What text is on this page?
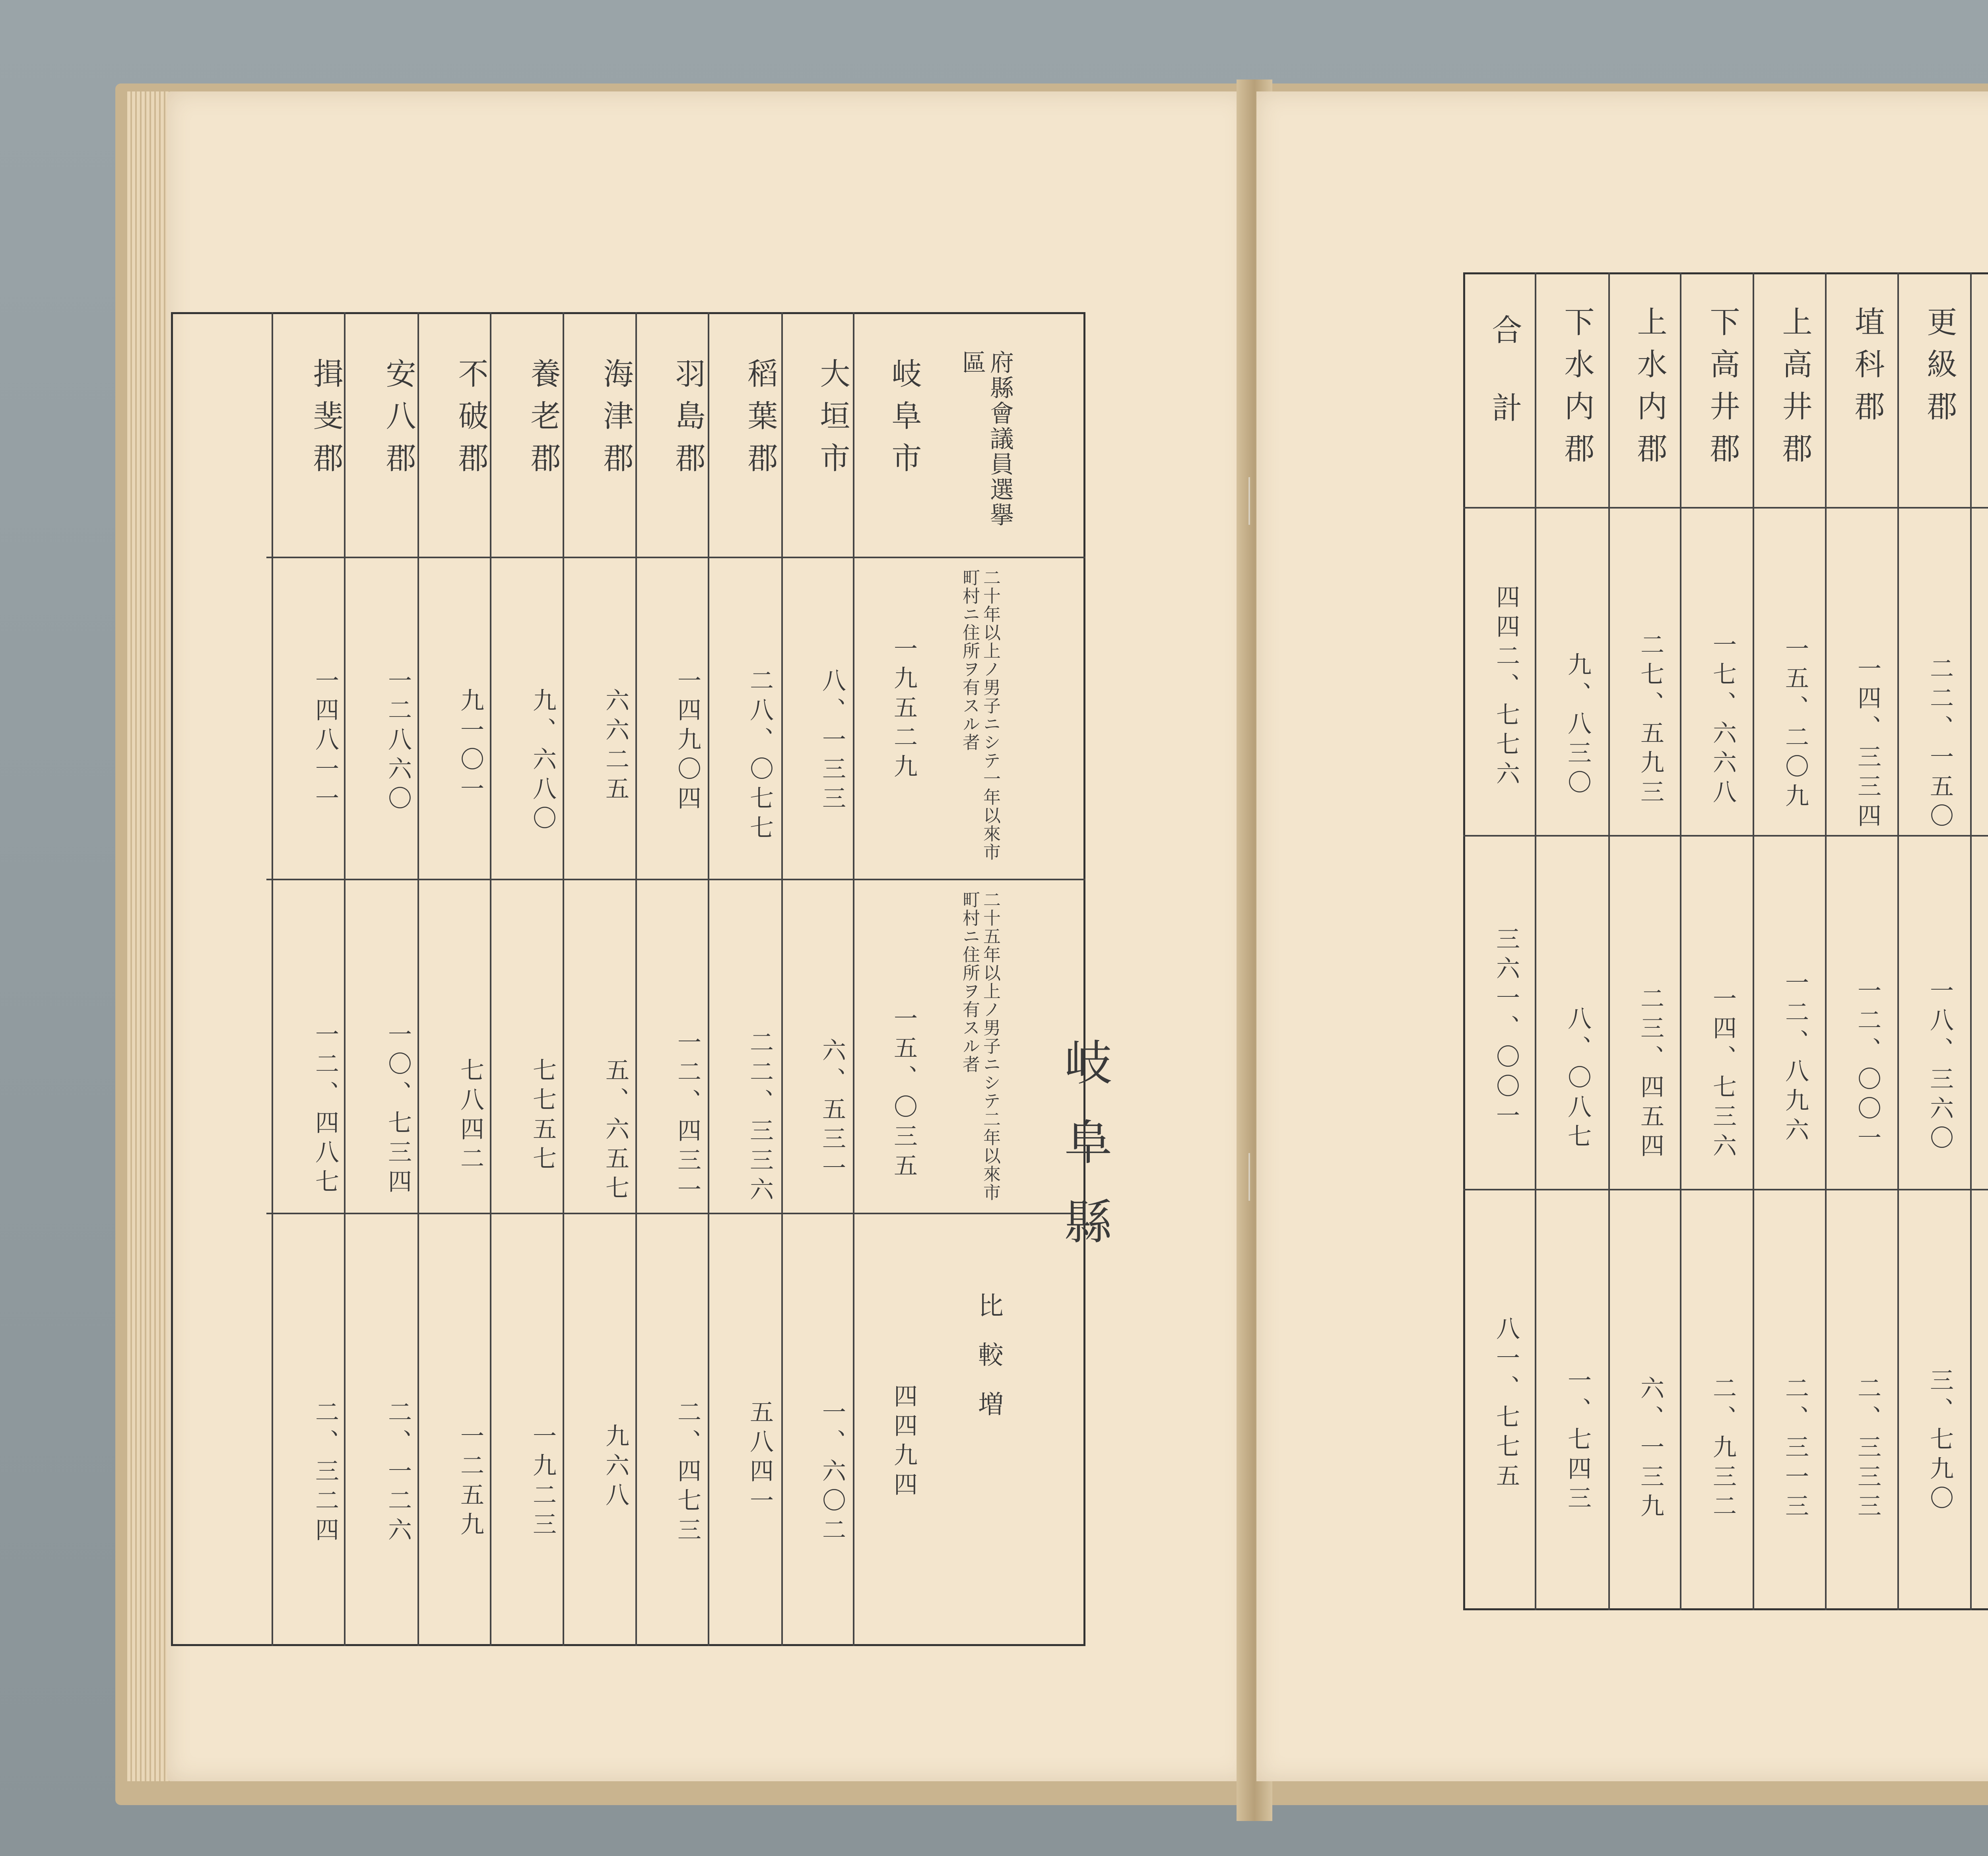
岐阜縣
府縣會議員選擧區
二十年以上ノ男子ニシテ一年以來市町村ニ住所ヲ有スル者
二十五年以上ノ男子ニシテ二年以來市町村ニ住所ヲ有スル者
比較増
岐阜市
一九五二九
一五、〇三五
四四九四
大垣市
八、一三三
六、五三一
一、六〇二
稻葉郡
二八、〇七七
二二、三三六
五八四一
羽島郡
一四九〇四
一二、四三一
二、四七三
海津郡
六六二五
五、六五七
九六八
養老郡
九、六八〇
七七五七
一九二三
不破郡
九一〇一
七八四二
一二五九
安八郡
一二八六〇
一〇、七三四
二、一二六
揖斐郡
一四八一一
一二、四八七
二、三二四
合計
四四二、七七六
三六一、〇〇一
八一、七七五
下水内郡
九、八三〇
八、〇八七
一、七四三
上水内郡
二七、五九三
二三、四五四
六、一三九
下高井郡
一七、六六八
一四、七三六
二、九三二
上高井郡
一五、二〇九
一二、八九六
二、三一三
埴科郡
一四、三三四
一二、〇〇一
二、三三三
更級郡
二二、一五〇
一八、三六〇
三、七九〇
